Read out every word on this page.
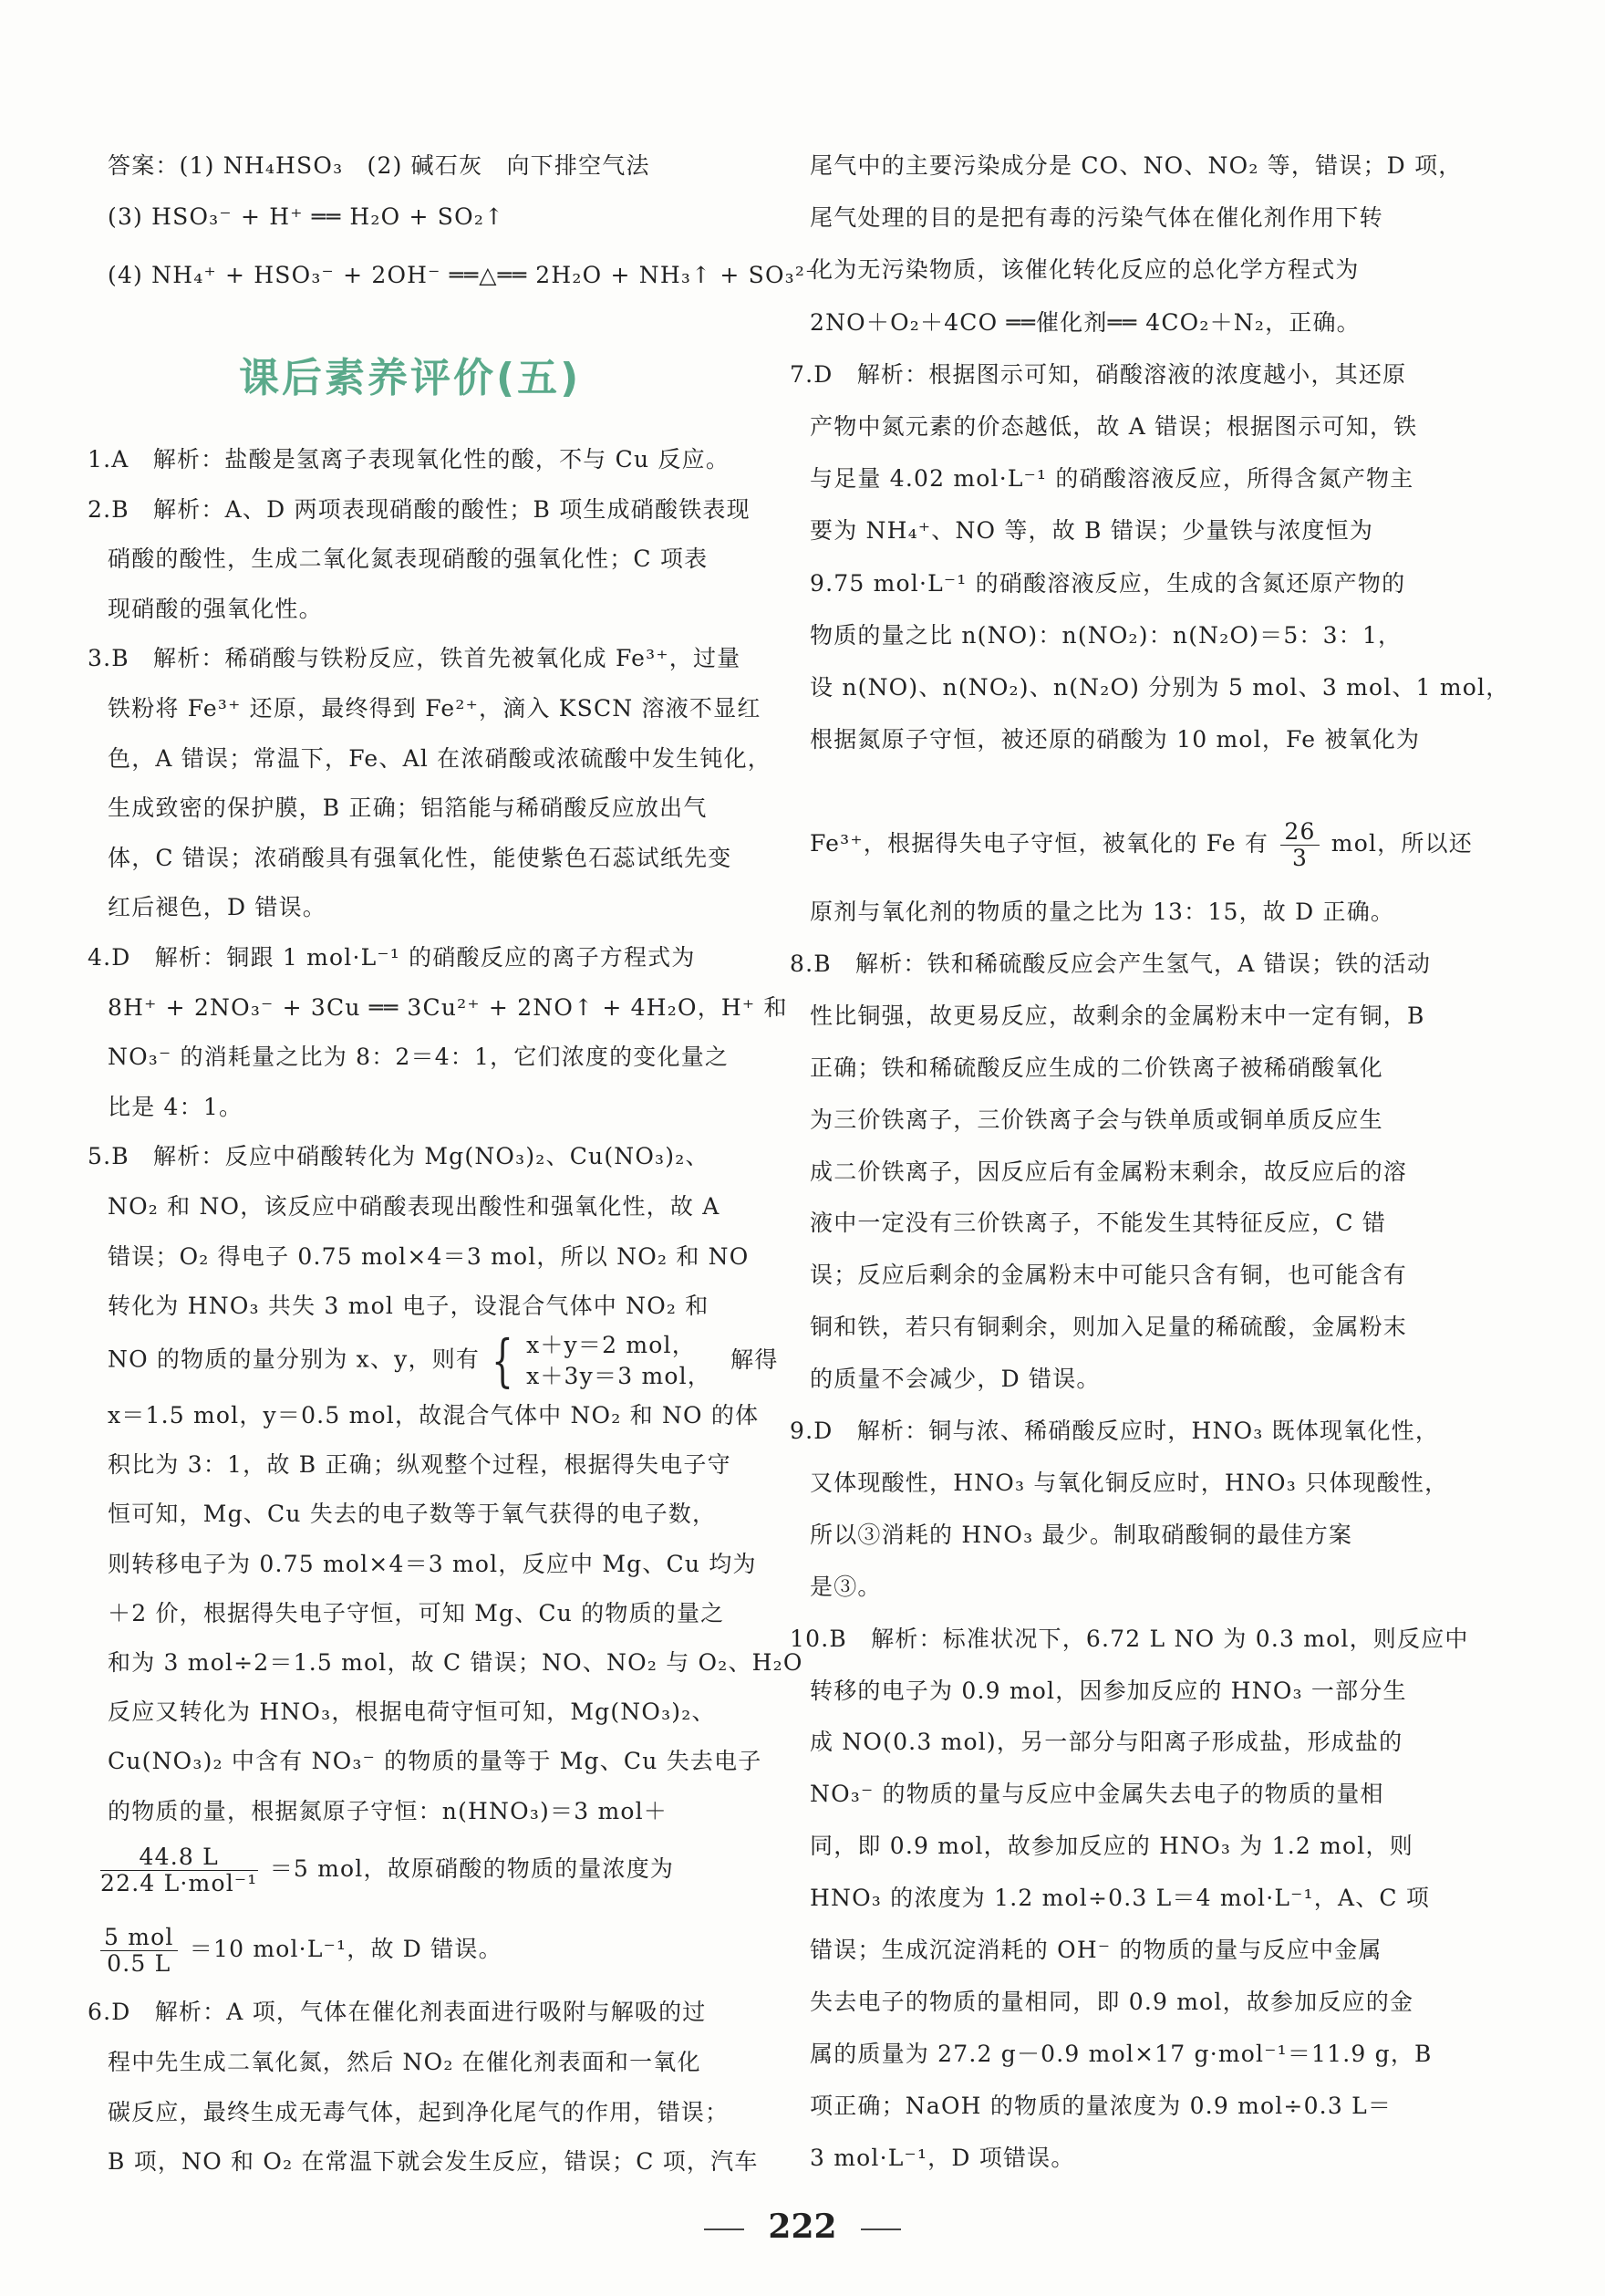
答案：(1) NH₄HSO₃　(2) 碱石灰　向下排空气法
(3) HSO₃⁻ + H⁺ ══ H₂O + SO₂↑
(4) NH₄⁺ + HSO₃⁻ + 2OH⁻ ══△══ 2H₂O + NH₃↑ + SO₃²⁻
课后素养评价(五)
1.A　解析：盐酸是氢离子表现氧化性的酸，不与 Cu 反应。
2.B　解析：A、D 两项表现硝酸的酸性；B 项生成硝酸铁表现
硝酸的酸性，生成二氧化氮表现硝酸的强氧化性；C 项表
现硝酸的强氧化性。
3.B　解析：稀硝酸与铁粉反应，铁首先被氧化成 Fe³⁺，过量
铁粉将 Fe³⁺ 还原，最终得到 Fe²⁺，滴入 KSCN 溶液不显红
色，A 错误；常温下，Fe、Al 在浓硝酸或浓硫酸中发生钝化，
生成致密的保护膜，B 正确；铝箔能与稀硝酸反应放出气
体，C 错误；浓硝酸具有强氧化性，能使紫色石蕊试纸先变
红后褪色，D 错误。
4.D　解析：铜跟 1 mol·L⁻¹ 的硝酸反应的离子方程式为
8H⁺ + 2NO₃⁻ + 3Cu ══ 3Cu²⁺ + 2NO↑ + 4H₂O，H⁺ 和
NO₃⁻ 的消耗量之比为 8：2＝4：1，它们浓度的变化量之
比是 4：1。
5.B　解析：反应中硝酸转化为 Mg(NO₃)₂、Cu(NO₃)₂、
NO₂ 和 NO，该反应中硝酸表现出酸性和强氧化性，故 A
错误；O₂ 得电子 0.75 mol×4＝3 mol，所以 NO₂ 和 NO
转化为 HNO₃ 共失 3 mol 电子，设混合气体中 NO₂ 和
NO 的物质的量分别为 x、y，则有 { x＋y＝2 mol，
x＋3y＝3 mol，
解得
x＝1.5 mol，y＝0.5 mol，故混合气体中 NO₂ 和 NO 的体
积比为 3：1，故 B 正确；纵观整个过程，根据得失电子守
恒可知，Mg、Cu 失去的电子数等于氧气获得的电子数，
则转移电子为 0.75 mol×4＝3 mol，反应中 Mg、Cu 均为
＋2 价，根据得失电子守恒，可知 Mg、Cu 的物质的量之
和为 3 mol÷2＝1.5 mol，故 C 错误；NO、NO₂ 与 O₂、H₂O
反应又转化为 HNO₃，根据电荷守恒可知，Mg(NO₃)₂、
Cu(NO₃)₂ 中含有 NO₃⁻ 的物质的量等于 Mg、Cu 失去电子
的物质的量，根据氮原子守恒：n(HNO₃)＝3 mol＋
$\frac{44.8 L}{\text{22.4 L·mol⁻¹}} =5$ mol，故原硝酸的物质的量浓度为
$\frac{\text{5 mol}}{0.5 L} =10$ mol·L⁻¹，故 D 错误。
6.D　解析：A 项，气体在催化剂表面进行吸附与解吸的过
程中先生成二氧化氮，然后 NO₂ 在催化剂表面和一氧化
碳反应，最终生成无毒气体，起到净化尾气的作用，错误；
B 项，NO 和 O₂ 在常温下就会发生反应，错误；C 项，汽车
尾气中的主要污染成分是 CO、NO、NO₂ 等，错误；D 项，
尾气处理的目的是把有毒的污染气体在催化剂作用下转
化为无污染物质，该催化转化反应的总化学方程式为
2NO＋O₂＋4CO ══催化剂══ 4CO₂＋N₂，正确。
7.D　解析：根据图示可知，硝酸溶液的浓度越小，其还原
产物中氮元素的价态越低，故 A 错误；根据图示可知，铁
与足量 4.02 mol·L⁻¹ 的硝酸溶液反应，所得含氮产物主
要为 NH₄⁺、NO 等，故 B 错误；少量铁与浓度恒为
9.75 mol·L⁻¹ 的硝酸溶液反应，生成的含氮还原产物的
物质的量之比 n(NO)：n(NO₂)：n(N₂O)＝5：3：1，
设 n(NO)、n(NO₂)、n(N₂O) 分别为 5 mol、3 mol、1 mol，
根据氮原子守恒，被还原的硝酸为 10 mol，Fe 被氧化为
Fe³⁺，根据得失电子守恒，被氧化的 Fe 有 $\frac{26}{3}$ mol，所以还
原剂与氧化剂的物质的量之比为 13：15，故 D 正确。
8.B　解析：铁和稀硫酸反应会产生氢气，A 错误；铁的活动
性比铜强，故更易反应，故剩余的金属粉末中一定有铜，B
正确；铁和稀硫酸反应生成的二价铁离子被稀硝酸氧化
为三价铁离子，三价铁离子会与铁单质或铜单质反应生
成二价铁离子，因反应后有金属粉末剩余，故反应后的溶
液中一定没有三价铁离子，不能发生其特征反应，C 错
误；反应后剩余的金属粉末中可能只含有铜，也可能含有
铜和铁，若只有铜剩余，则加入足量的稀硫酸，金属粉末
的质量不会减少，D 错误。
9.D　解析：铜与浓、稀硝酸反应时，HNO₃ 既体现氧化性，
又体现酸性，HNO₃ 与氧化铜反应时，HNO₃ 只体现酸性，
所以③消耗的 HNO₃ 最少。制取硝酸铜的最佳方案
是③。
10.B　解析：标准状况下，6.72 L NO 为 0.3 mol，则反应中
转移的电子为 0.9 mol，因参加反应的 HNO₃ 一部分生
成 NO(0.3 mol)，另一部分与阳离子形成盐，形成盐的
NO₃⁻ 的物质的量与反应中金属失去电子的物质的量相
同，即 0.9 mol，故参加反应的 HNO₃ 为 1.2 mol，则
HNO₃ 的浓度为 1.2 mol÷0.3 L＝4 mol·L⁻¹，A、C 项
错误；生成沉淀消耗的 OH⁻ 的物质的量与反应中金属
失去电子的物质的量相同，即 0.9 mol，故参加反应的金
属的质量为 27.2 g－0.9 mol×17 g·mol⁻¹＝11.9 g，B
项正确；NaOH 的物质的量浓度为 0.9 mol÷0.3 L＝
3 mol·L⁻¹，D 项错误。
222
